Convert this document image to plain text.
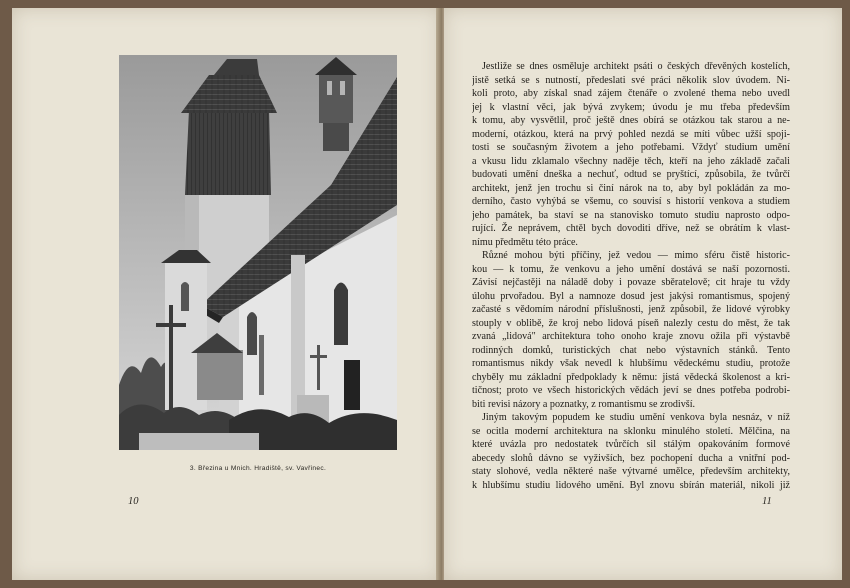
3. Březina u Mnich. Hradiště, sv. Vavřinec.
10
Jestliže se dnes osměluje architekt psáti o českých dřevěných kostelích,
jistě setká se s nutností, předeslati své práci několik slov úvodem. Ni-
koli proto, aby získal snad zájem čtenáře o zvolené thema nebo uvedl
jej k vlastní věci, jak bývá zvykem; úvodu je mu třeba především
k tomu, aby vysvětlil, proč ještě dnes obírá se otázkou tak starou a ne-
moderní, otázkou, která na prvý pohled nezdá se míti vůbec užší spoji-
tosti se současným životem a jeho potřebami. Vždyť studium umění
a vkusu lidu zklamalo všechny naděje těch, kteří na jeho základě začali
budovati umění dneška a nechuť, odtud se pryštící, způsobila, že tvůrčí
architekt, jenž jen trochu si činí nárok na to, aby byl pokládán za mo-
derního, často vyhýbá se všemu, co souvisí s historií venkova a studiem
jeho památek, ba staví se na stanovisko tomuto studiu naprosto odpo-
rující. Že neprávem, chtěl bych dovoditi dříve, než se obrátím k vlast-
nímu předmětu této práce.
Různé mohou býti příčiny, jež vedou — mimo sféru čistě historic-
kou — k tomu, že venkovu a jeho umění dostává se naší pozornosti.
Závisí nejčastěji na náladě doby i povaze sběratelově; cit hraje tu vždy
úlohu prvořadou. Byl a namnoze dosud jest jakýsi romantismus, spojený
začasté s vědomím národní příslušnosti, jenž způsobil, že lidové výrobky
stouply v oblibě, že kroj nebo lidová píseň nalezly cestu do měst, že tak
zvaná „lidová" architektura toho onoho kraje znovu ožila při výstavbě
rodinných domků, turistických chat nebo výstavních stánků. Tento
romantismus nikdy však nevedl k hlubšímu vědeckému studiu, protože
chyběly mu základní předpoklady k němu: jistá vědecká školenost a kri-
tičnost; proto ve všech historických vědách jeví se dnes potřeba podrobi-
biti revisi názory a poznatky, z romantismu se zrodivší.
Jiným takovým popudem ke studiu umění venkova byla nesnáz, v níž
se ocitla moderní architektura na sklonku minulého století. Mělčina, na
které uvázla pro nedostatek tvůrčích sil stálým opakováním formové
abecedy slohů dávno se vyživších, bez pochopení ducha a vnitřní pod-
staty slohové, vedla některé naše výtvarné umělce, především architekty,
k hlubšímu studiu lidového umění. Byl znovu sbírán materiál, nikoli již
11
